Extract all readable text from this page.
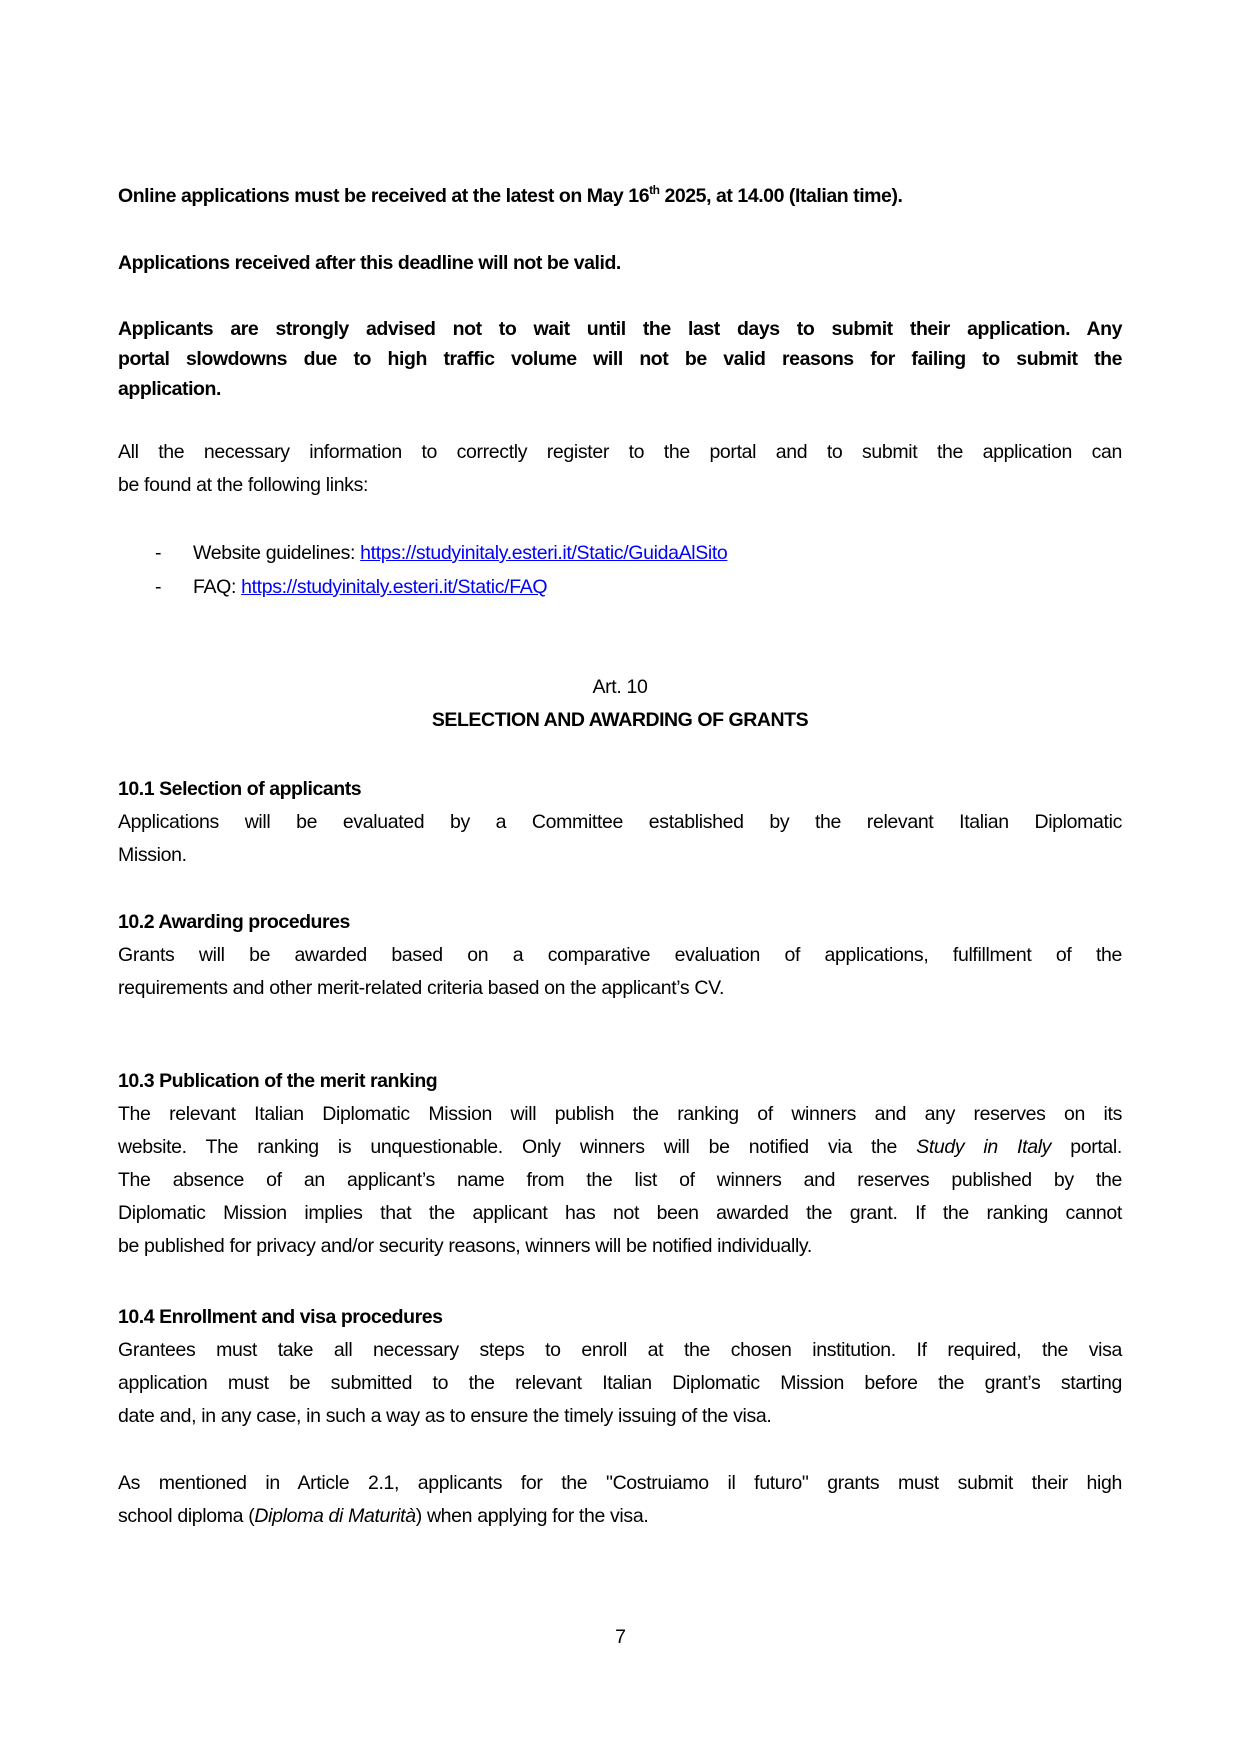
Online applications must be received at the latest on May 16th 2025, at 14.00 (Italian time).
Applications received after this deadline will not be valid.
Applicants are strongly advised not to wait until the last days to submit their application. Any
portal slowdowns due to high traffic volume will not be valid reasons for failing to submit the
application.
All the necessary information to correctly register to the portal and to submit the application can
be found at the following links:
- Website guidelines: https://studyinitaly.esteri.it/Static/GuidaAlSito
- FAQ: https://studyinitaly.esteri.it/Static/FAQ
Art. 10
SELECTION AND AWARDING OF GRANTS
10.1 Selection of applicants
Applications will be evaluated by a Committee established by the relevant Italian Diplomatic
Mission.
10.2 Awarding procedures
Grants will be awarded based on a comparative evaluation of applications, fulfillment of the
requirements and other merit-related criteria based on the applicant’s CV.
10.3 Publication of the merit ranking
The relevant Italian Diplomatic Mission will publish the ranking of winners and any reserves on its
website. The ranking is unquestionable. Only winners will be notified via the Study in Italy portal.
The absence of an applicant’s name from the list of winners and reserves published by the
Diplomatic Mission implies that the applicant has not been awarded the grant. If the ranking cannot
be published for privacy and/or security reasons, winners will be notified individually.
10.4 Enrollment and visa procedures
Grantees must take all necessary steps to enroll at the chosen institution. If required, the visa
application must be submitted to the relevant Italian Diplomatic Mission before the grant’s starting
date and, in any case, in such a way as to ensure the timely issuing of the visa.
As mentioned in Article 2.1, applicants for the "Costruiamo il futuro" grants must submit their high
school diploma (Diploma di Maturità) when applying for the visa.
7
